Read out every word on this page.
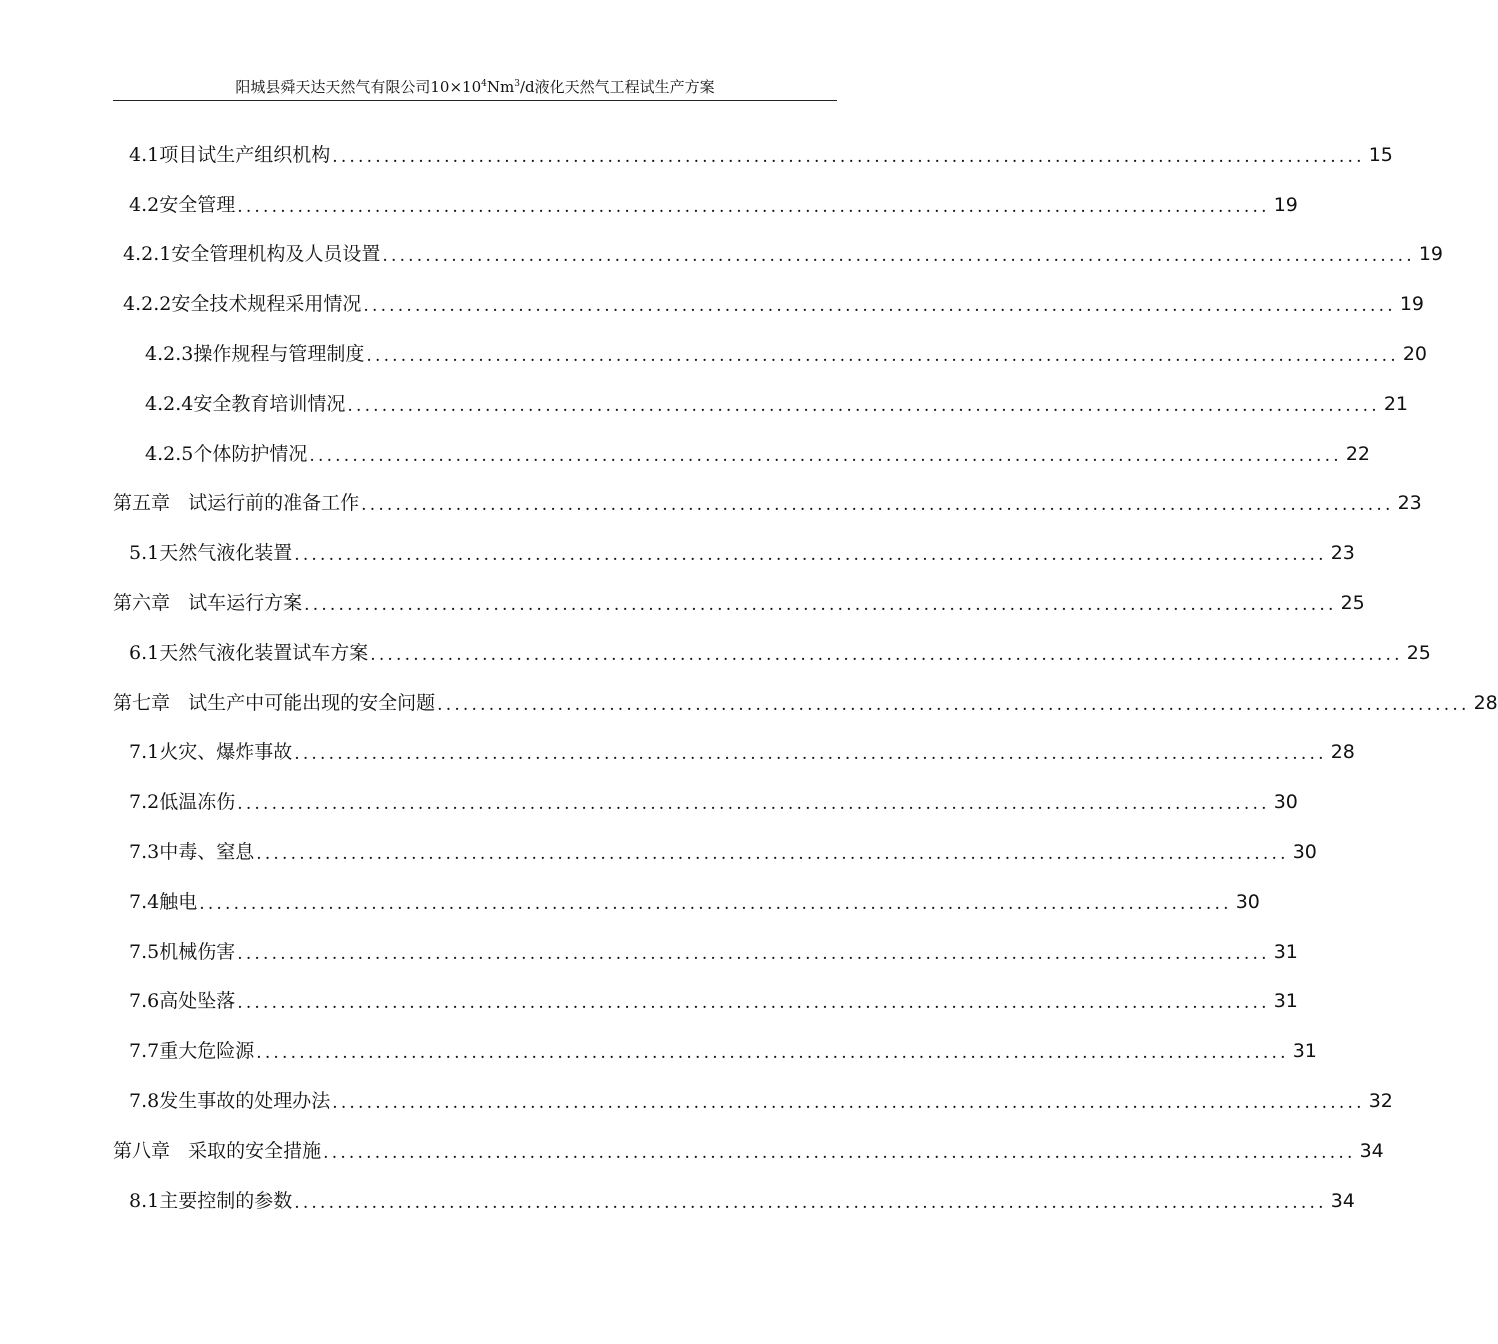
阳城县舜天达天然气有限公司$10\times 10^4Nm^3/d$液化天然气工程试生产方案
4.1项目试生产组织机构 ........................................................................................................................ 15
4.2安全管理 ........................................................................................................................ 19
4.2.1安全管理机构及人员设置 ........................................................................................................................ 19
4.2.2安全技术规程采用情况 ........................................................................................................................ 19
4.2.3操作规程与管理制度 ........................................................................................................................ 20
4.2.4安全教育培训情况 ........................................................................................................................ 21
4.2.5个体防护情况 ........................................................................................................................ 22
第五章   试运行前的准备工作 ........................................................................................................................ 23
5.1天然气液化装置 ........................................................................................................................ 23
第六章   试车运行方案 ........................................................................................................................ 25
6.1天然气液化装置试车方案 ........................................................................................................................ 25
第七章   试生产中可能出现的安全问题 ........................................................................................................................ 28
7.1火灾、爆炸事故 ........................................................................................................................ 28
7.2低温冻伤 ........................................................................................................................ 30
7.3中毒、窒息 ........................................................................................................................ 30
7.4触电 ........................................................................................................................ 30
7.5机械伤害 ........................................................................................................................ 31
7.6高处坠落 ........................................................................................................................ 31
7.7重大危险源 ........................................................................................................................ 31
7.8发生事故的处理办法 ........................................................................................................................ 32
第八章   采取的安全措施 ........................................................................................................................ 34
8.1主要控制的参数 ........................................................................................................................ 34
